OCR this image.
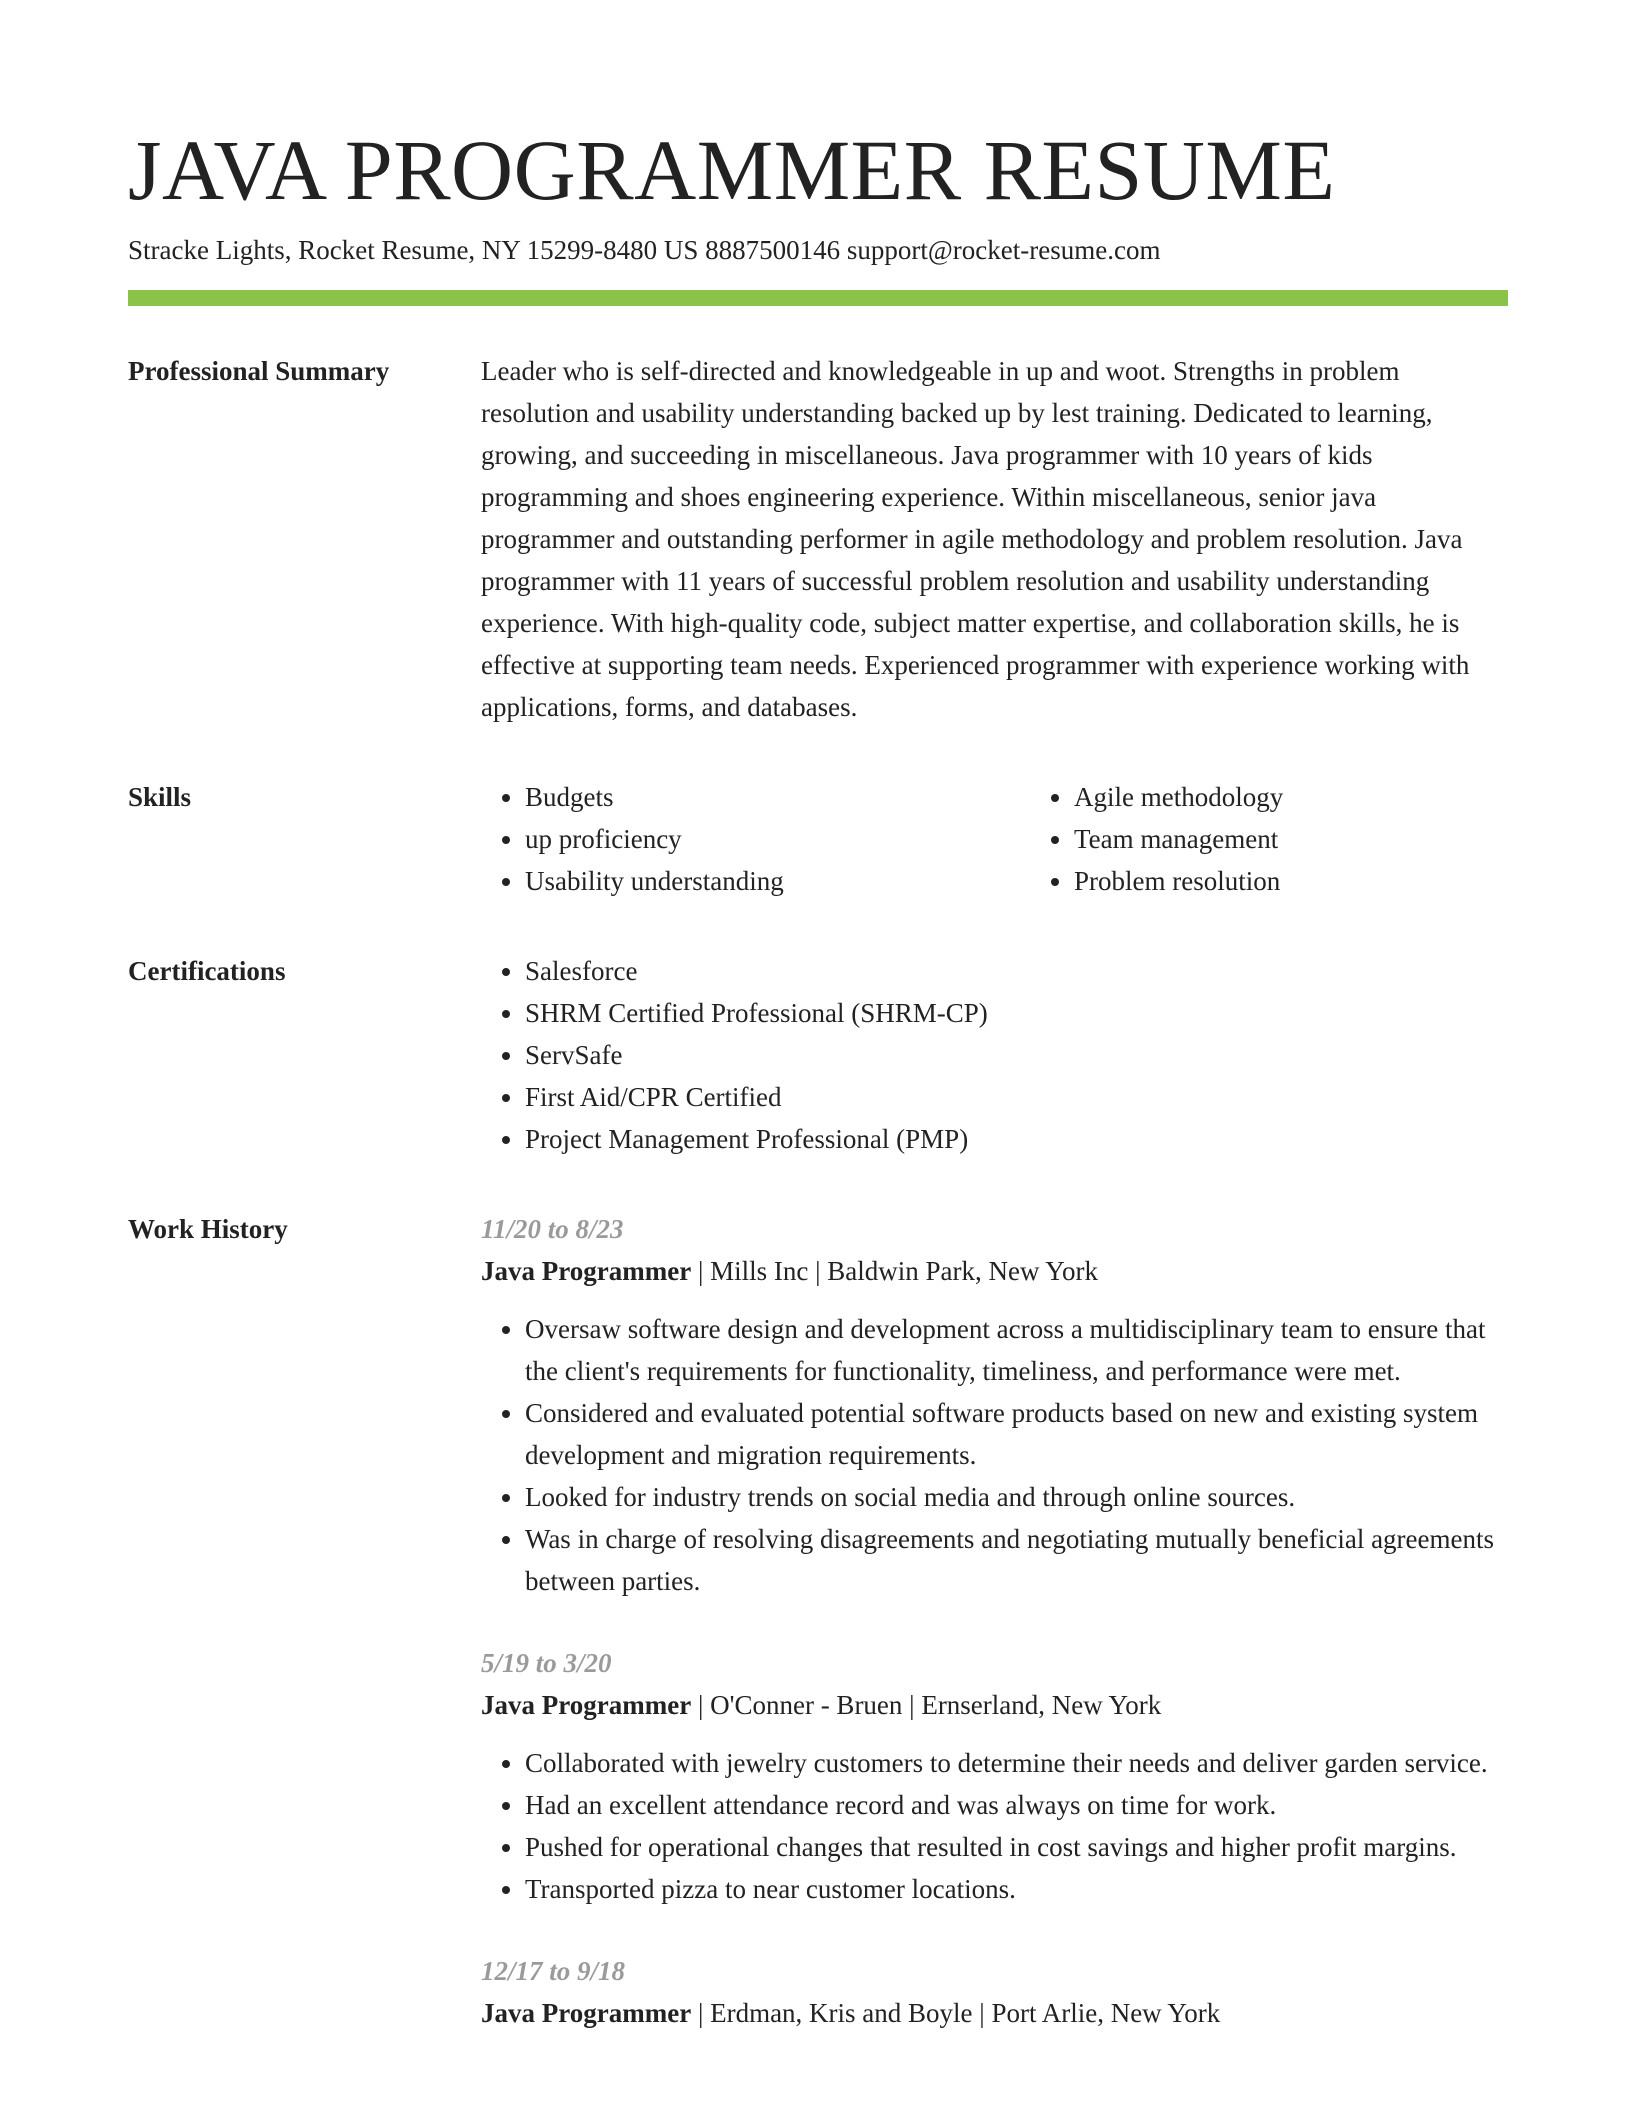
JAVA PROGRAMMER RESUME
Stracke Lights, Rocket Resume, NY 15299-8480 US 8887500146 support@rocket-resume.com
Professional Summary	Leader who is self-directed and knowledgeable in up and woot. Strengths in problem resolution and usability understanding backed up by lest training. Dedicated to learning, growing, and succeeding in miscellaneous. Java programmer with 10 years of kids programming and shoes engineering experience. Within miscellaneous, senior java programmer and outstanding performer in agile methodology and problem resolution. Java programmer with 11 years of successful problem resolution and usability understanding experience. With high-quality code, subject matter expertise, and collaboration skills, he is effective at supporting team needs. Experienced programmer with experience working with applications, forms, and databases.

Skills	• Budgets
• up proficiency
• Usability understanding
• Agile methodology
• Team management
• Problem resolution
Certifications	• Salesforce
• SHRM Certified Professional (SHRM-CP)
• ServSafe
• First Aid/CPR Certified
• Project Management Professional (PMP)
Work History	11/20 to 8/23
Java Programmer | Mills Inc | Baldwin Park, New York
• Oversaw software design and development across a multidisciplinary team to ensure that the client's requirements for functionality, timeliness, and performance were met.
• Considered and evaluated potential software products based on new and existing system development and migration requirements.
• Looked for industry trends on social media and through online sources.
• Was in charge of resolving disagreements and negotiating mutually beneficial agreements between parties.
5/19 to 3/20
Java Programmer | O'Conner - Bruen | Ernserland, New York
• Collaborated with jewelry customers to determine their needs and deliver garden service.
• Had an excellent attendance record and was always on time for work.
• Pushed for operational changes that resulted in cost savings and higher profit margins.
• Transported pizza to near customer locations.
12/17 to 9/18
Java Programmer | Erdman, Kris and Boyle | Port Arlie, New York
